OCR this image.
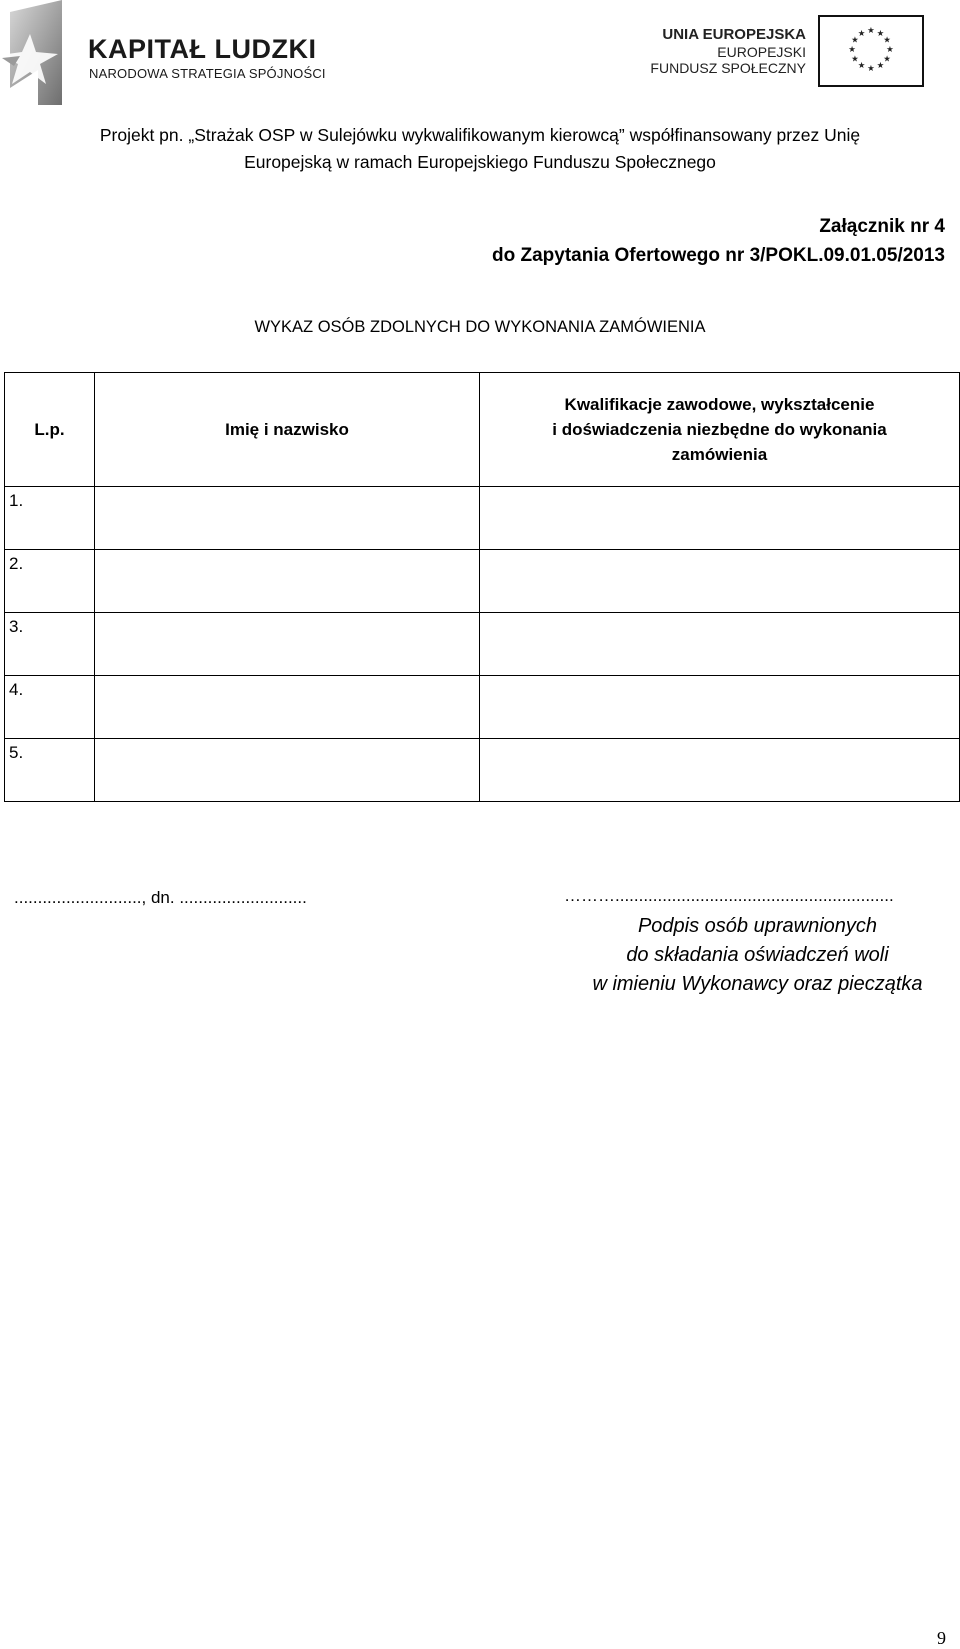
KAPITAŁ LUDZKI
NARODOWA STRATEGIA SPÓJNOŚCI
UNIA EUROPEJSKA
EUROPEJSKI
FUNDUSZ SPOŁECZNY
★ ★
★
★
★
★
★
★
★
★
★
★
Projekt pn. „Strażak OSP w Sulejówku wykwalifikowanym kierowcą” współfinansowany przez Unię
Europejską w ramach Europejskiego Funduszu Społecznego
Załącznik nr 4
do Zapytania Ofertowego nr 3/POKL.09.01.05/2013
WYKAZ OSÓB ZDOLNYCH DO WYKONANIA ZAMÓWIENIA
L.p.	Imię i nazwisko	Kwalifikacje zawodowe, wykształcenie
i doświadczenia niezbędne do wykonania
zamówienia

1.		
2.		
3.		
4.		
5.		
..........................., dn. ...........................	………...........................................................
Podpis osób uprawnionych
do składania oświadczeń woli
w imieniu Wykonawcy oraz pieczątka
9
